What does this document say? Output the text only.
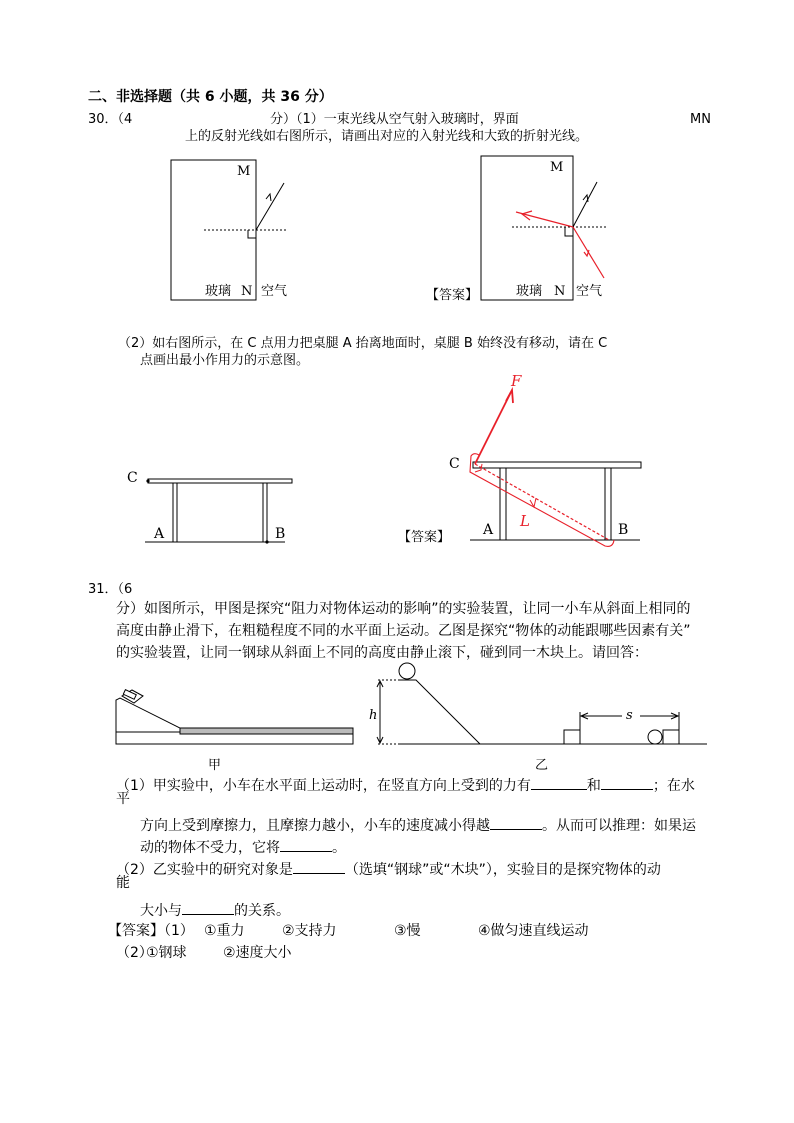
二、非选择题（共 6 小题，共 36 分）
30．（4	分）（1）一束光线从空气射入玻璃时，界面	MN
上的反射光线如右图所示，请画出对应的入射光线和大致的折射光线。
M
N
玻璃 空气	【答案】
M
N
玻璃	空气
（2）如右图所示，在 C 点用力把桌腿 A 抬离地面时，桌腿 B 始终没有移动，请在 C
点画出最小作用力的示意图。
C
A	B	【答案】
F
L
C
A	B
31．（6
分）如图所示，甲图是探究“阻力对物体运动的影响”的实验装置，让同一小车从斜面上相同的
高度由静止滑下，在粗糙程度不同的水平面上运动。乙图是探究“物体的动能跟哪些因素有关”
的实验装置，让同一钢球从斜面上不同的高度由静止滚下，碰到同一木块上。请回答：
甲
h	s
乙
（1）甲实验中，小车在水平面上运动时，在竖直方向上受到的力有	和	；在水
平
方向上受到摩擦力，且摩擦力越小，小车的速度减小得越	。从而可以推理：如果运
动的物体不受力，它将	。
（2）乙实验中的研究对象是	（选填“钢球”或“木块”），实验目的是探究物体的动
能
大小与	的关系。
【答案】（1） ①重力	②支持力	③慢	④做匀速直线运动
（2）
①钢球	②速度大小
